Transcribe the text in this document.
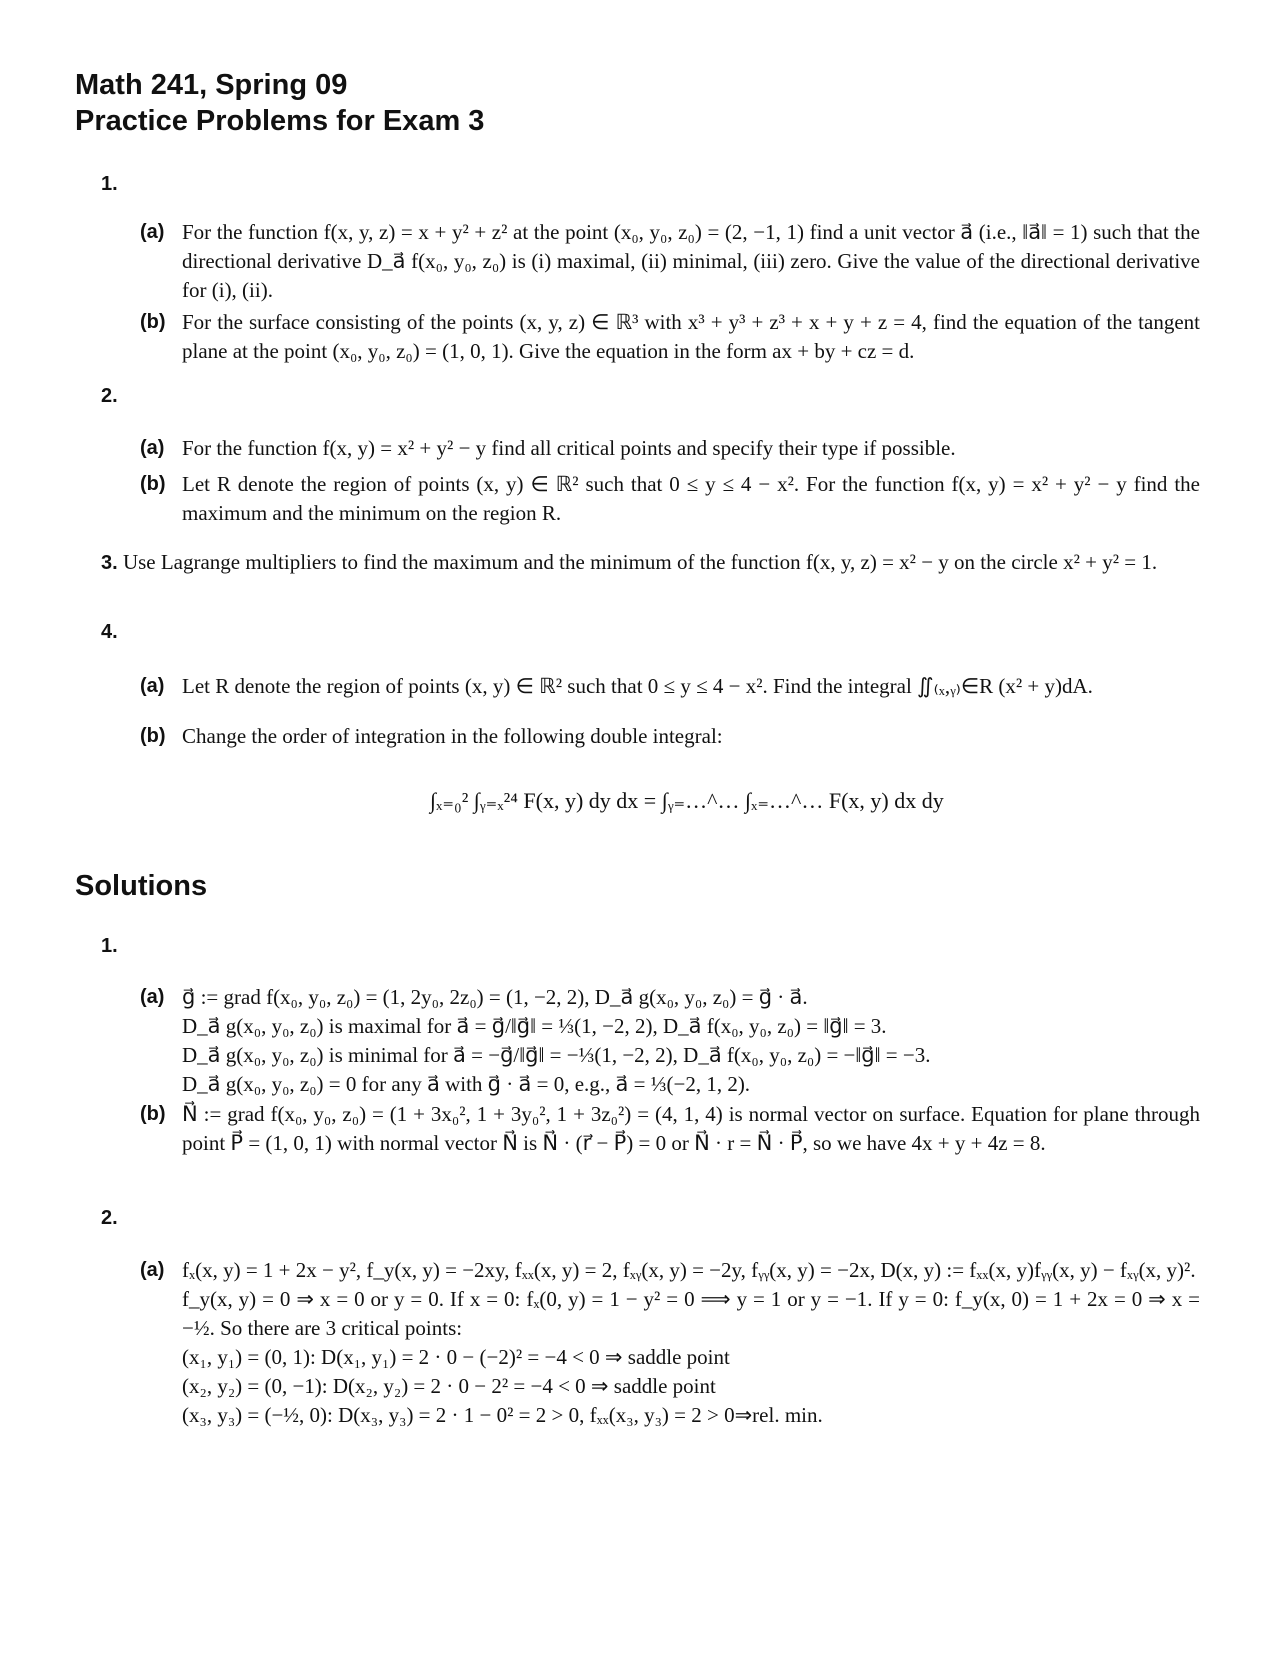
Math 241, Spring 09
Practice Problems for Exam 3
1.
(a) For the function f(x, y, z) = x + y² + z² at the point (x₀, y₀, z₀) = (2, −1, 1) find a unit vector a⃗ (i.e., ‖a⃗‖ = 1) such that the directional derivative D_a⃗ f(x₀, y₀, z₀) is (i) maximal, (ii) minimal, (iii) zero. Give the value of the directional derivative for (i), (ii).
(b) For the surface consisting of the points (x, y, z) ∈ ℝ³ with x³ + y³ + z³ + x + y + z = 4, find the equation of the tangent plane at the point (x₀, y₀, z₀) = (1, 0, 1). Give the equation in the form ax + by + cz = d.
2.
(a) For the function f(x, y) = x² + y² − y find all critical points and specify their type if possible.
(b) Let R denote the region of points (x, y) ∈ ℝ² such that 0 ≤ y ≤ 4 − x². For the function f(x, y) = x² + y² − y find the maximum and the minimum on the region R.
3. Use Lagrange multipliers to find the maximum and the minimum of the function f(x, y, z) = x² − y on the circle x² + y² = 1.
4.
(a) Let R denote the region of points (x, y) ∈ ℝ² such that 0 ≤ y ≤ 4 − x². Find the integral ∬₍ₓ,ᵧ₎∈R (x² + y)dA.
(b) Change the order of integration in the following double integral:
∫ₓ₌₀² ∫ᵧ₌ₓ²⁴ F(x, y) dy dx = ∫ᵧ₌…^… ∫ₓ₌…^… F(x, y) dx dy
Solutions
1.
(a) g⃗ := grad f(x₀, y₀, z₀) = (1, 2y₀, 2z₀) = (1, −2, 2), D_a⃗ g(x₀, y₀, z₀) = g⃗ · a⃗.
D_a⃗ g(x₀, y₀, z₀) is maximal for a⃗ = g⃗/‖g⃗‖ = ⅓(1, −2, 2), D_a⃗ f(x₀, y₀, z₀) = ‖g⃗‖ = 3.
D_a⃗ g(x₀, y₀, z₀) is minimal for a⃗ = −g⃗/‖g⃗‖ = −⅓(1, −2, 2), D_a⃗ f(x₀, y₀, z₀) = −‖g⃗‖ = −3.
D_a⃗ g(x₀, y₀, z₀) = 0 for any a⃗ with g⃗ · a⃗ = 0, e.g., a⃗ = ⅓(−2, 1, 2).
(b) N⃗ := grad f(x₀, y₀, z₀) = (1 + 3x₀², 1 + 3y₀², 1 + 3z₀²) = (4, 1, 4) is normal vector on surface. Equation for plane through point P⃗ = (1, 0, 1) with normal vector N⃗ is N⃗ · (r⃗ − P⃗) = 0 or N⃗ · r = N⃗ · P⃗, so we have 4x + y + 4z = 8.
2.
(a) fₓ(x, y) = 1 + 2x − y², f_y(x, y) = −2xy, fₓₓ(x, y) = 2, fₓᵧ(x, y) = −2y, fᵧᵧ(x, y) = −2x, D(x, y) := fₓₓ(x, y)fᵧᵧ(x, y) − fₓᵧ(x, y)².
f_y(x, y) = 0 ⇒ x = 0 or y = 0. If x = 0: fₓ(0, y) = 1 − y² = 0 ⟹ y = 1 or y = −1. If y = 0: f_y(x, 0) = 1 + 2x = 0 ⇒ x = −½. So there are 3 critical points:
(x₁, y₁) = (0, 1): D(x₁, y₁) = 2 · 0 − (−2)² = −4 < 0 ⇒ saddle point
(x₂, y₂) = (0, −1): D(x₂, y₂) = 2 · 0 − 2² = −4 < 0 ⇒ saddle point
(x₃, y₃) = (−½, 0): D(x₃, y₃) = 2 · 1 − 0² = 2 > 0, fₓₓ(x₃, y₃) = 2 > 0⇒rel. min.
